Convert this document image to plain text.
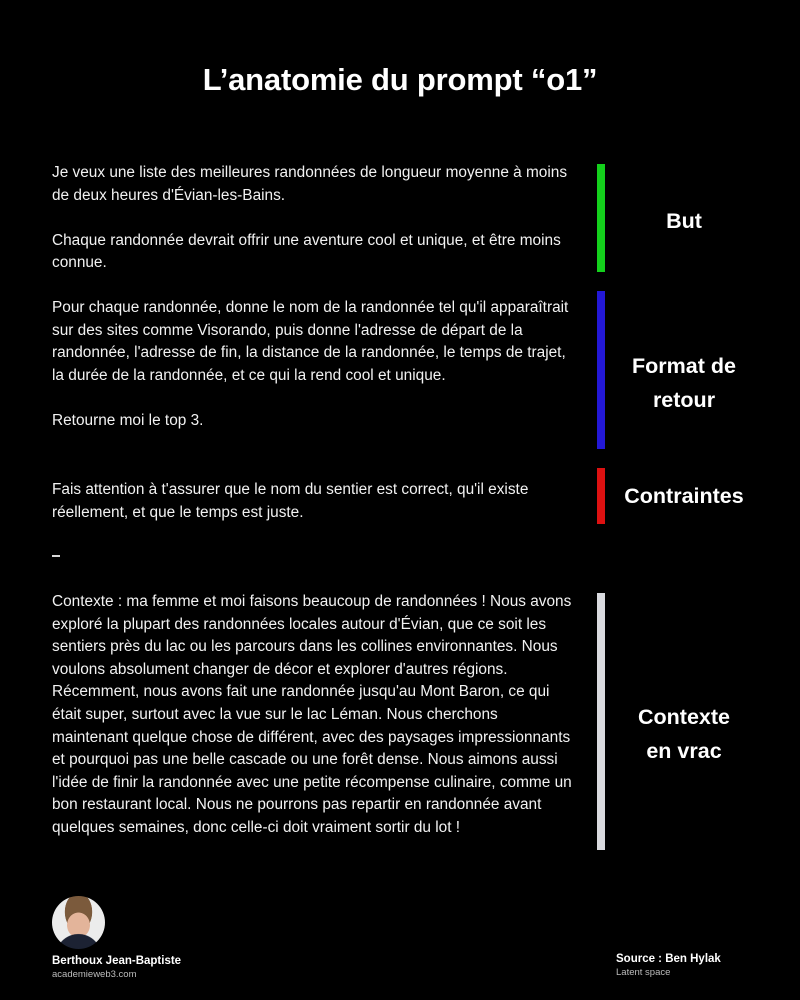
L’anatomie du prompt “o1”

Je veux une liste des meilleures randonnées de longueur moyenne à moins de deux heures d'Évian-les-Bains.

Chaque randonnée devrait offrir une aventure cool et unique, et être moins connue.

But

Pour chaque randonnée, donne le nom de la randonnée tel qu'il apparaîtrait sur des sites comme Visorando, puis donne l'adresse de départ de la randonnée, l'adresse de fin, la distance de la randonnée, le temps de trajet, la durée de la randonnée, et ce qui la rend cool et unique.

Retourne moi le top 3.

Format de
retour

Fais attention à t'assurer que le nom du sentier est correct, qu'il existe réellement, et que le temps est juste.

Contraintes

Contexte : ma femme et moi faisons beaucoup de randonnées ! Nous avons exploré la plupart des randonnées locales autour d'Évian, que ce soit les sentiers près du lac ou les parcours dans les collines environnantes. Nous voulons absolument changer de décor et explorer d'autres régions. Récemment, nous avons fait une randonnée jusqu'au Mont Baron, ce qui était super, surtout avec la vue sur le lac Léman. Nous cherchons maintenant quelque chose de différent, avec des paysages impressionnants et pourquoi pas une belle cascade ou une forêt dense. Nous aimons aussi l'idée de finir la randonnée avec une petite récompense culinaire, comme un bon restaurant local. Nous ne pourrons pas repartir en randonnée avant quelques semaines, donc celle-ci doit vraiment sortir du lot !

Contexte
en vrac
Berthoux Jean-Baptiste
academieweb3.com
Source : Ben Hylak
Latent space
